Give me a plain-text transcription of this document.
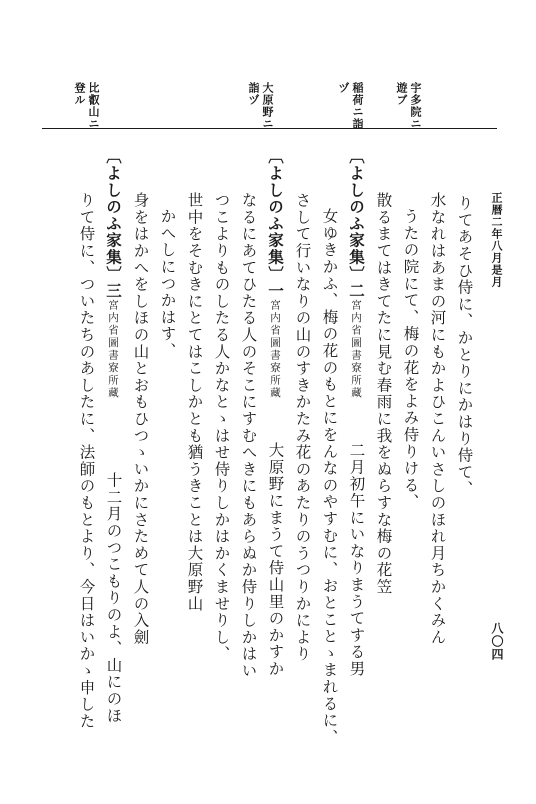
宇多院ニ
遊ブ
稲荷ニ詣
ヅ
大原野ニ
詣ヅ
比叡山ニ
登ル
正暦二年八月是月
八〇四
りてあそひ侍に、かとりにかはり侍て、
水なれはあまの河にもかよひこんいさしのほれ月ちかくみん
うたの院にて、梅の花をよみ侍りける、
散るまてはきてたに見む春雨に我をぬらすな梅の花笠
〔よしのふ家集〕二宮内省圖書寮所藏
二月初午にいなりまうてする男
女ゆきかふ、梅の花のもとにをんなのやすむに、おとことゝまれるに、
さして行いなりの山のすきかたみ花のあたりのうつりかにより
〔よしのふ家集〕一宮内省圖書寮所藏
大原野にまうて侍山里のかすか
なるにあてひたる人のそこにすむへきにもあらぬか侍りしかはい
つこよりものしたる人かなとゝはせ侍りしかはかくませりし、
世中をそむきにとてはこしかとも猶うきことは大原野山
かへしにつかはす、
身をはかへをしほの山とおもひつゝいかにさためて人の入劍
〔よしのふ家集〕三宮内省圖書寮所藏
十二月のつこもりのよ、山にのほ
りて侍に、ついたちのあしたに、法師のもとより、今日はいかゝ申した
